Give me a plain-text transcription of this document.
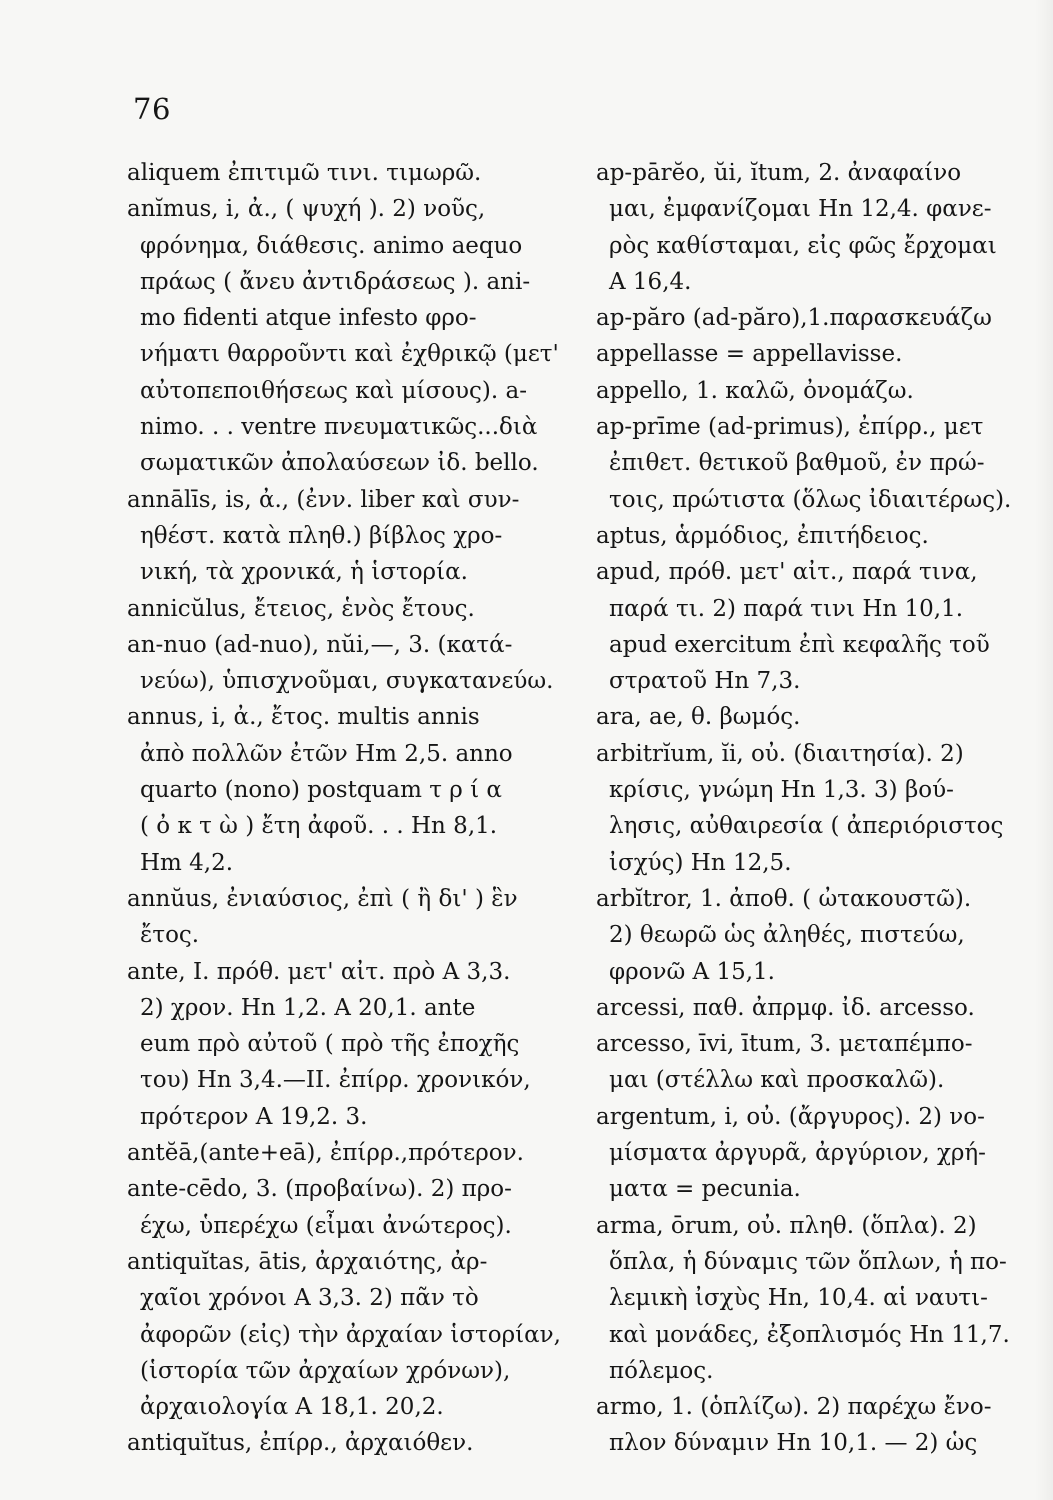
76
aliquem ἐπιτιμῶ τινι. τιμωρῶ.
anĭmus, i, ἀ., ( ψυχή ). 2) νοῦς,
φρόνημα, διάθεσις. animo aequo
πράως ( ἄνευ ἀντιδράσεως ). ani-
mo fidenti atque infesto φρο-
νήματι θαρροῦντι καὶ ἐχθρικῷ (μετ'
αὐτοπεποιθήσεως καὶ μίσους). a-
nimo. . . ventre πνευματικῶς...διὰ
σωματικῶν ἀπολαύσεων ἰδ. bello.
annālīs, is, ἀ., (ἐνν. liber καὶ συν-
ηθέστ. κατὰ πληθ.) βίβλος χρο-
νική, τὰ χρονικά, ἡ ἱστορία.
annicŭlus, ἔτειος, ἑνὸς ἔτους.
an-nuo (ad-nuo), nŭi,—, 3. (κατά-
νεύω), ὑπισχνοῦμαι, συγκατανεύω.
annus, i, ἀ., ἔτος. multis annis
ἀπὸ πολλῶν ἐτῶν Hm 2,5. anno
quarto (nono) postquam τ ρ ί α
( ὀ κ τ ὼ ) ἔτη ἀφοῦ. . . Hn 8,1.
Hm 4,2.
annŭus, ἐνιαύσιος, ἐπὶ ( ἢ δι' ) ἓν
ἔτος.
ante, I. πρόθ. μετ' αἰτ. πρὸ A 3,3.
2) χρον. Hn 1,2. A 20,1. ante
eum πρὸ αὐτοῦ ( πρὸ τῆς ἐποχῆς
του) Hn 3,4.—II. ἐπίρρ. χρονικόν,
πρότερον A 19,2. 3.
antĕā,(ante+eā), ἐπίρρ.,πρότερον.
ante-cēdo, 3. (προβαίνω). 2) προ-
έχω, ὑπερέχω (εἶμαι ἀνώτερος).
antiquĭtas, ātis, ἀρχαιότης, ἀρ-
χαῖοι χρόνοι A 3,3. 2) πᾶν τὸ
ἀφορῶν (εἰς) τὴν ἀρχαίαν ἱστορίαν,
(ἱστορία τῶν ἀρχαίων χρόνων),
ἀρχαιολογία A 18,1. 20,2.
antiquĭtus, ἐπίρρ., ἀρχαιόθεν.
ap-pārĕo, ŭi, ĭtum, 2. ἀναφαίνο
μαι, ἐμφανίζομαι Hn 12,4. φανε-
ρὸς καθίσταμαι, εἰς φῶς ἔρχομαι
A 16,4.
ap-păro (ad-păro),1.παρασκευάζω
appellasse = appellavisse.
appello, 1. καλῶ, ὀνομάζω.
ap-prīme (ad-primus), ἐπίρρ., μετ
ἐπιθετ. θετικοῦ βαθμοῦ, ἐν πρώ-
τοις, πρώτιστα (ὅλως ἰδιαιτέρως).
aptus, ἁρμόδιος, ἐπιτήδειος.
apud, πρόθ. μετ' αἰτ., παρά τινα,
παρά τι. 2) παρά τινι Hn 10,1.
apud exercitum ἐπὶ κεφαλῆς τοῦ
στρατοῦ Hn 7,3.
ara, ae, θ. βωμός.
arbitrĭum, ĭi, οὐ. (διαιτησία). 2)
κρίσις, γνώμη Hn 1,3. 3) βού-
λησις, αὐθαιρεσία ( ἀπεριόριστος
ἰσχύς) Hn 12,5.
arbĭtror, 1. ἀποθ. ( ὠτακουστῶ).
2) θεωρῶ ὡς ἀληθές, πιστεύω,
φρονῶ A 15,1.
arcessi, παθ. ἀπρμφ. ἰδ. arcesso.
arcesso, īvi, ītum, 3. μεταπέμπο-
μαι (στέλλω καὶ προσκαλῶ).
argentum, i, οὐ. (ἄργυρος). 2) νο-
μίσματα ἀργυρᾶ, ἀργύριον, χρή-
ματα = pecunia.
arma, ōrum, οὐ. πληθ. (ὅπλα). 2)
ὅπλα, ἡ δύναμις τῶν ὅπλων, ἡ πο-
λεμικὴ ἰσχὺς Hn, 10,4. αἱ ναυτι-
καὶ μονάδες, ἐξοπλισμός Hn 11,7.
πόλεμος.
armo, 1. (ὁπλίζω). 2) παρέχω ἔνο-
πλον δύναμιν Hn 10,1. — 2) ὡς
